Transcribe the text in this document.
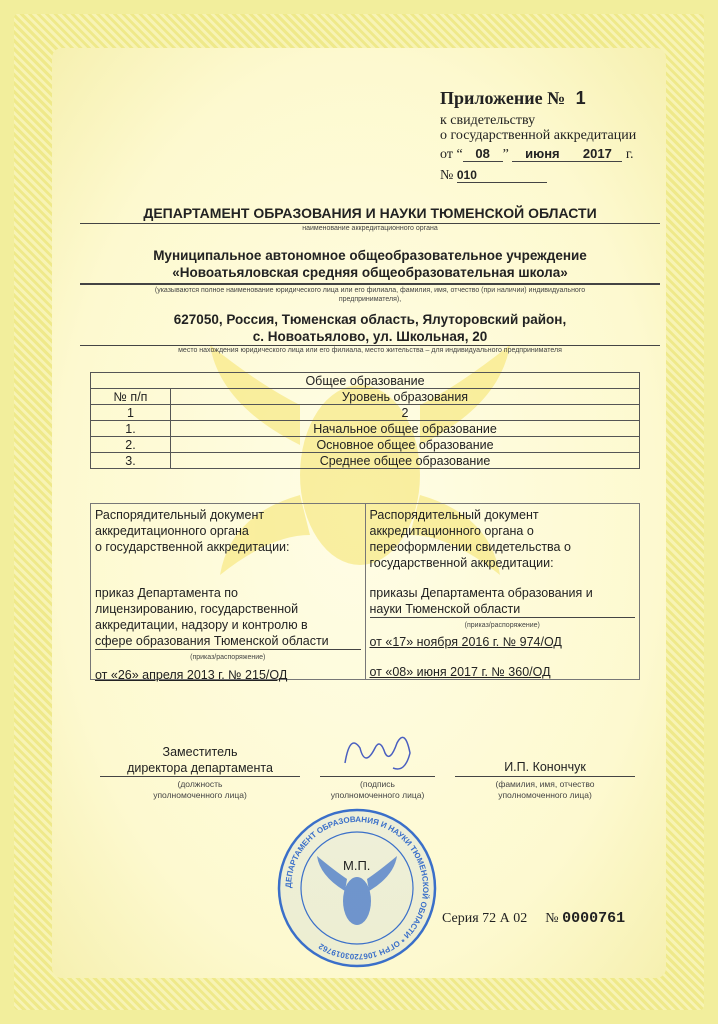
Приложение № 1
к свидетельству
о государственной аккредитации
от “ 08 ” июня 2017 г.
№ 010
ДЕПАРТАМЕНТ ОБРАЗОВАНИЯ И НАУКИ ТЮМЕНСКОЙ ОБЛАСТИ
наименование аккредитационного органа
Муниципальное автономное общеобразовательное учреждение
«Новоатьяловская средняя общеобразовательная школа»
(указываются полное наименование юридического лица или его филиала, фамилия, имя, отчество (при наличии) индивидуального
предпринимателя),
627050, Россия, Тюменская область, Ялуторовский район,
с. Новоатьялово, ул. Школьная, 20
место нахождения юридического лица или его филиала, место жительства – для индивидуального предпринимателя
Общее образование	
№ п/п	Уровень образования
1	2
1.	Начальное общее образование
2.	Основное общее образование
3.	Среднее общее образование
Распорядительный документ
аккредитационного органа
о государственной аккредитации:
приказ Департамента по
лицензированию, государственной
аккредитации, надзору и контролю в
сфере образования Тюменской области
(приказ/распоряжение)
от «26» апреля 2013 г. № 215/ОД
Распорядительный документ
аккредитационного органа о
переоформлении свидетельства о
государственной аккредитации:
приказы Департамента образования и
науки Тюменской области
(приказ/распоряжение)
от «17» ноября 2016 г. № 974/ОД
от «08» июня 2017 г. № 360/ОД
Заместитель
директора департамента
(должность
уполномоченного лица)
(подпись
уполномоченного лица)
И.П. Конончук
(фамилия, имя, отчество
уполномоченного лица)
ДЕПАРТАМЕНТ ОБРАЗОВАНИЯ И НАУКИ ТЮМЕНСКОЙ ОБЛАСТИ * ОГРН 1067203019762
М.П.
Серия 72 А 02 № 0000761
